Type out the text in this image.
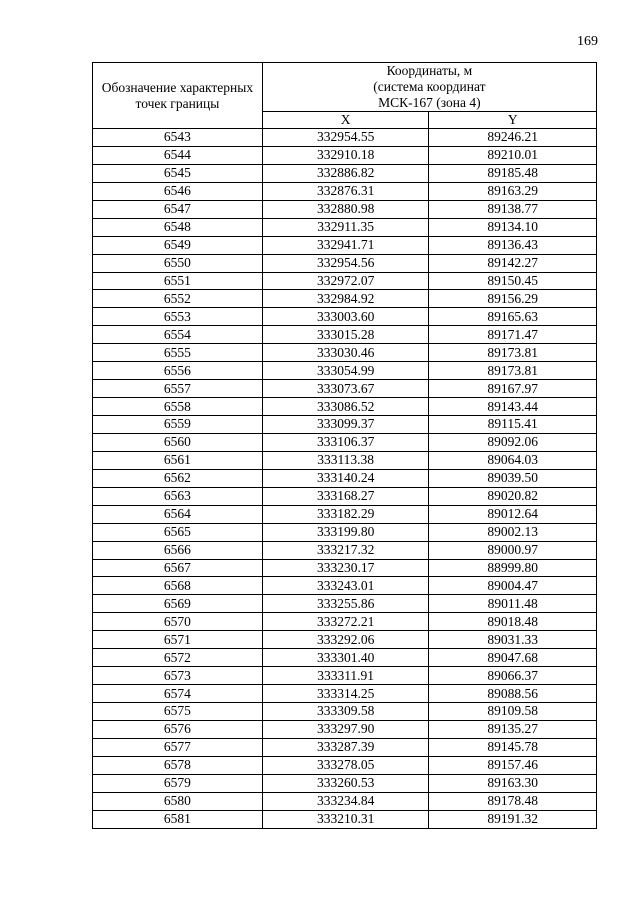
169
Обозначение характерных точек границы	Координаты, м
(система координат
МСК-167 (зона 4)	

	X	Y
6543	332954.55	89246.21
6544	332910.18	89210.01
6545	332886.82	89185.48
6546	332876.31	89163.29
6547	332880.98	89138.77
6548	332911.35	89134.10
6549	332941.71	89136.43
6550	332954.56	89142.27
6551	332972.07	89150.45
6552	332984.92	89156.29
6553	333003.60	89165.63
6554	333015.28	89171.47
6555	333030.46	89173.81
6556	333054.99	89173.81
6557	333073.67	89167.97
6558	333086.52	89143.44
6559	333099.37	89115.41
6560	333106.37	89092.06
6561	333113.38	89064.03
6562	333140.24	89039.50
6563	333168.27	89020.82
6564	333182.29	89012.64
6565	333199.80	89002.13
6566	333217.32	89000.97
6567	333230.17	88999.80
6568	333243.01	89004.47
6569	333255.86	89011.48
6570	333272.21	89018.48
6571	333292.06	89031.33
6572	333301.40	89047.68
6573	333311.91	89066.37
6574	333314.25	89088.56
6575	333309.58	89109.58
6576	333297.90	89135.27
6577	333287.39	89145.78
6578	333278.05	89157.46
6579	333260.53	89163.30
6580	333234.84	89178.48
6581	333210.31	89191.32
